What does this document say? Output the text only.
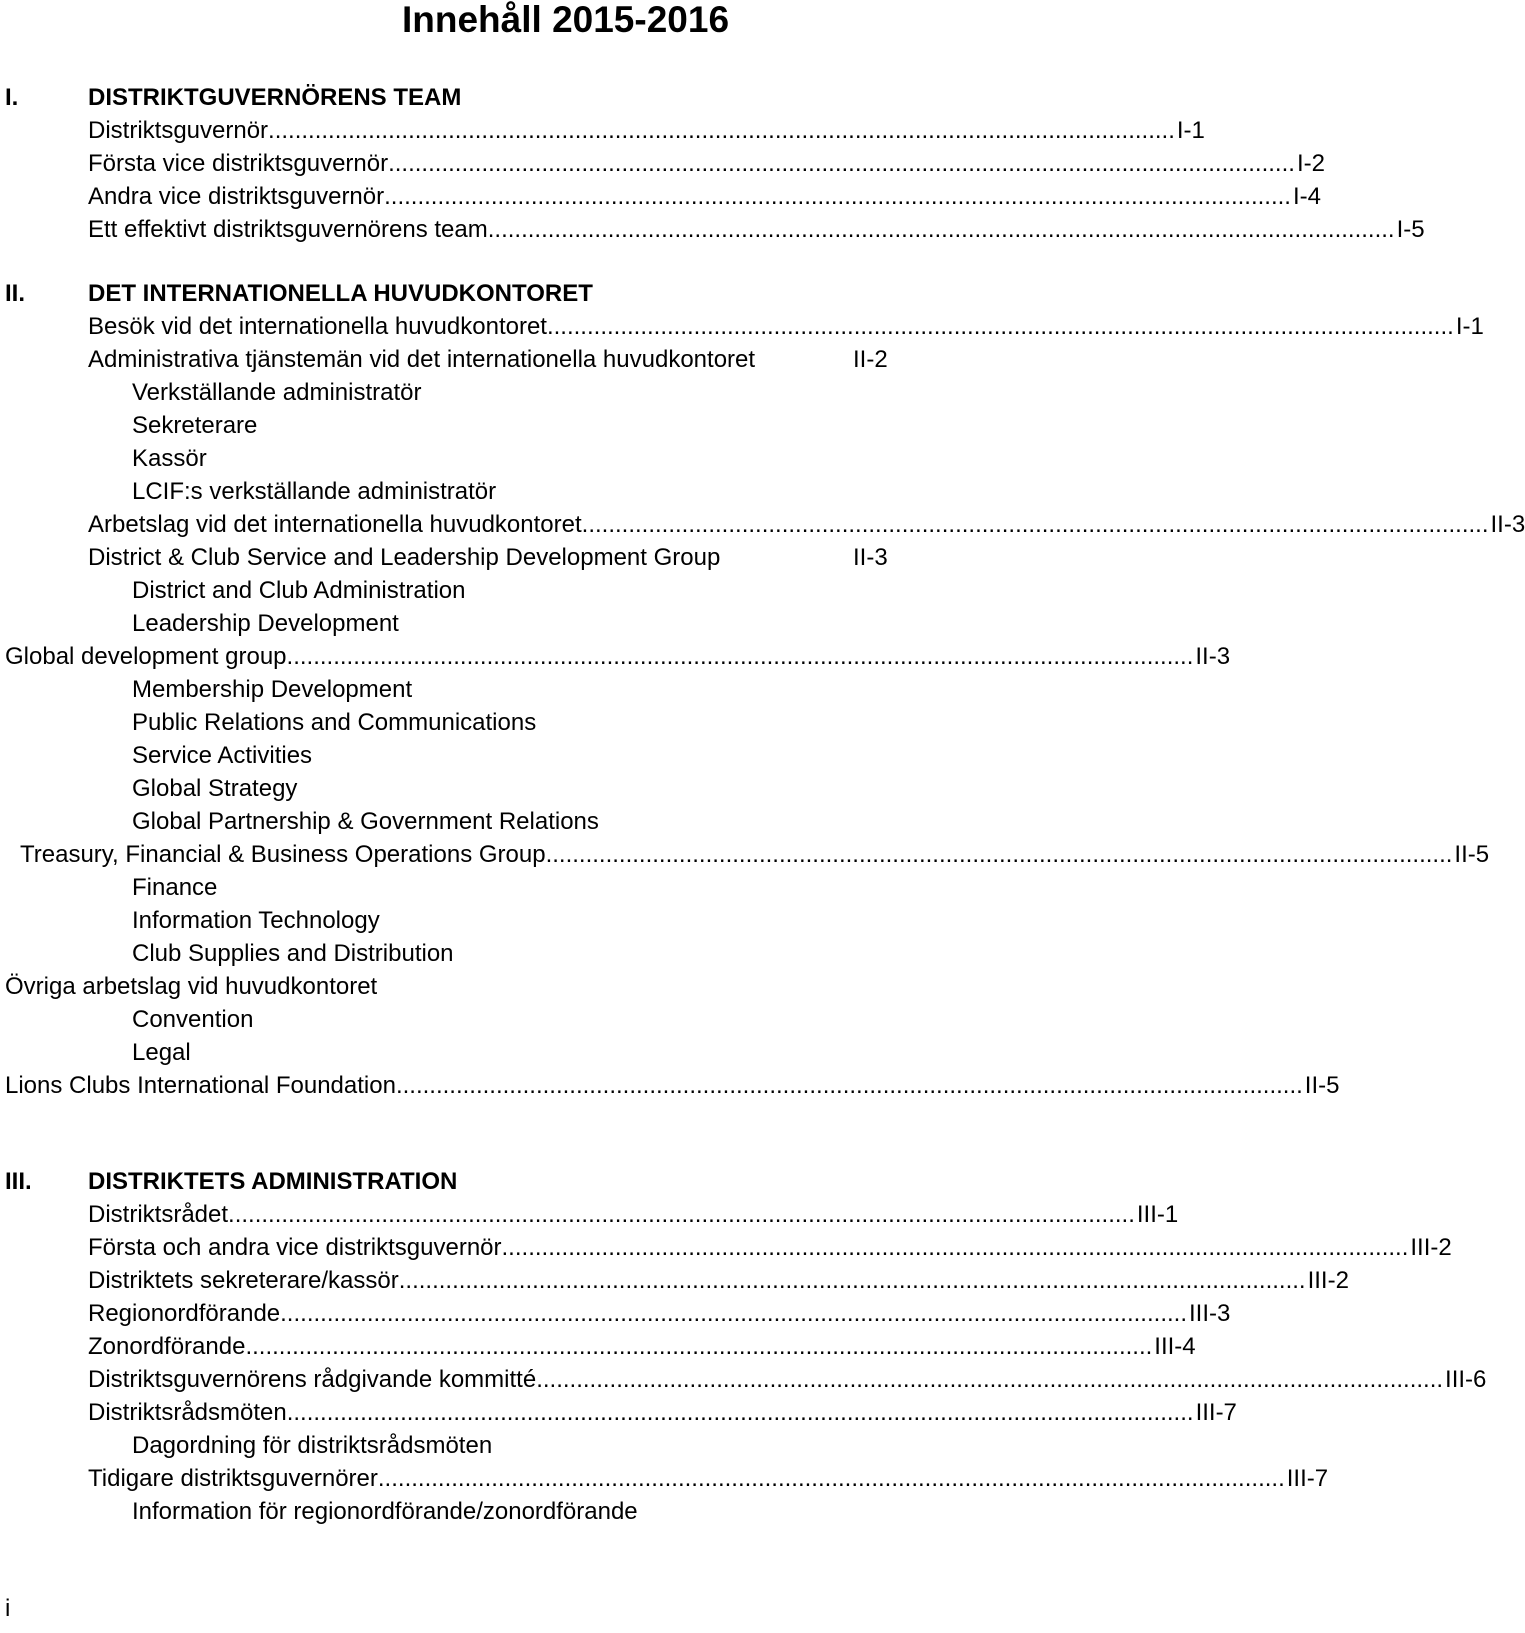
Innehåll 2015-2016
I.	DISTRIKTGUVERNÖRENS TEAM
Distriktsguvernör ........................................................................................................................................ I-1
Första vice distriktsguvernör ........................................................................................................................................ I-2
Andra vice distriktsguvernör ........................................................................................................................................ I-4
Ett effektivt distriktsguvernörens team ........................................................................................................................................ I-5
II.	DET INTERNATIONELLA HUVUDKONTORET
Besök vid det internationella huvudkontoret ........................................................................................................................................ I-1
Administrativa tjänstemän vid det internationella huvudkontoret	II-2
Verkställande administratör
Sekreterare
Kassör
LCIF:s verkställande administratör
Arbetslag vid det internationella huvudkontoret ........................................................................................................................................ II-3
District & Club Service and Leadership Development Group	II-3
District and Club Administration
Leadership Development
Global development group ........................................................................................................................................ II-3
Membership Development
Public Relations and Communications
Service Activities
Global Strategy
Global Partnership & Government Relations
Treasury, Financial & Business Operations Group ........................................................................................................................................ II-5
Finance
Information Technology
Club Supplies and Distribution
Övriga arbetslag vid huvudkontoret
Convention
Legal
Lions Clubs International Foundation ........................................................................................................................................ II-5
III. DISTRIKTETS ADMINISTRATION
Distriktsrådet ........................................................................................................................................ III-1
Första och andra vice distriktsguvernör ........................................................................................................................................ III-2
Distriktets sekreterare/kassör ........................................................................................................................................ III-2
Regionordförande ........................................................................................................................................ III-3
Zonordförande ........................................................................................................................................ III-4
Distriktsguvernörens rådgivande kommitté ........................................................................................................................................ III-6
Distriktsrådsmöten ........................................................................................................................................ III-7
Dagordning för distriktsrådsmöten
Tidigare distriktsguvernörer ........................................................................................................................................ III-7
Information för regionordförande/zonordförande
i
